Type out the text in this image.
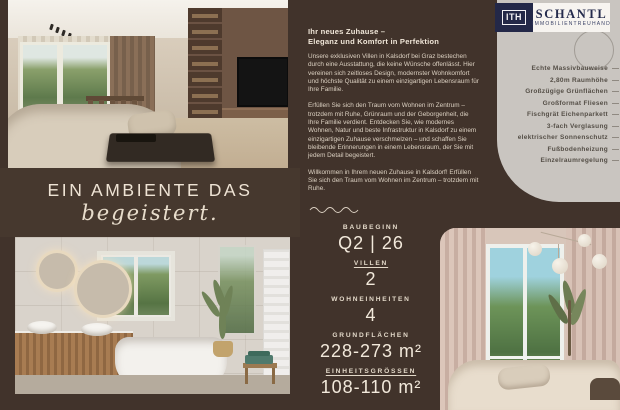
ITH	SCHANTL
IMMOBILIENTREUHAND
Echte Massivbauweise
2,80m Raumhöhe
Großzügige Grünflächen
Großformat Fliesen
Fischgrät Eichenparkett
3-fach Verglasung
elektrischer Sonnenschutz
Fußbodenheizung
Einzelraumregelung
EIN AMBIENTE DAS
begeistert.
BAUBEGINN
Q2 | 26
VILLEN
2
WOHNEINHEITEN
4
GRUNDFLÄCHEN
228-273 m²
EINHEITSGRÖSSEN
108-110 m²
Ihr neues Zuhause –
Eleganz und Komfort in Perfektion

Unsere exklusiven Villen in Kalsdorf bei Graz bestechen durch eine Ausstattung, die keine Wünsche offenlässt. Hier vereinen sich zeitloses Design, modernster Wohnkomfort und höchste Qualität zu einem einzigartigen Lebensraum für Ihre Familie.

Erfüllen Sie sich den Traum vom Wohnen im Zentrum – trotzdem mit Ruhe, Grünraum und der Geborgenheit, die Ihre Familie verdient. Entdecken Sie, wie modernes Wohnen, Natur und beste Infrastruktur in Kalsdorf zu einem einzigartigen Zuhause verschmelzen – und schaffen Sie bleibende Erinnerungen in einem Lebensraum, der Sie mit jedem Detail begeistert.

Willkommen in Ihrem neuen Zuhause in Kalsdorf! Erfüllen Sie sich den Traum vom Wohnen im Zentrum – trotzdem mit Ruhe.
